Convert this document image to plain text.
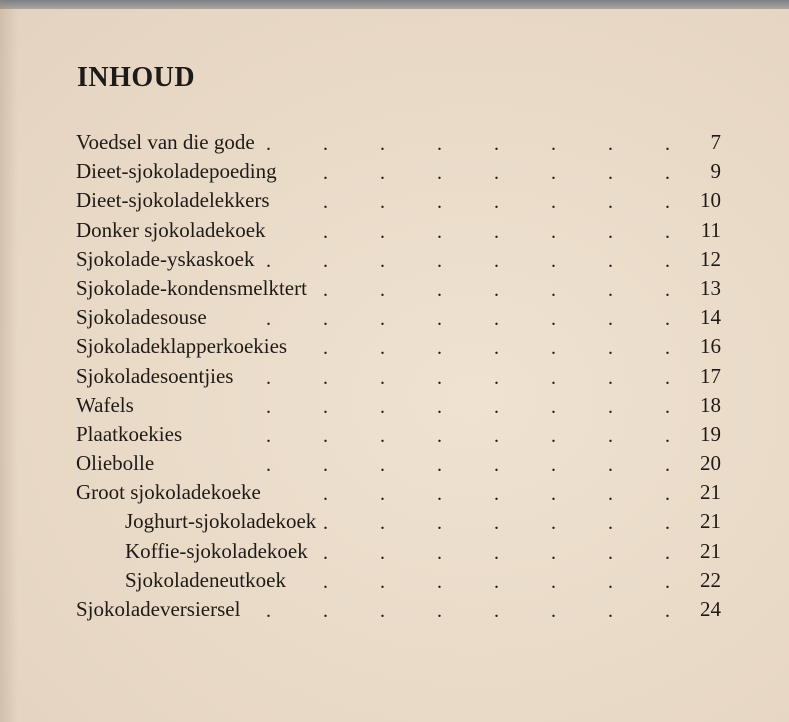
INHOUD
Voedsel van die gode .	.	.	.	.	.	.	. 7
Dieet-sjokoladepoeding .	.	.	.	.	.	. 9
Dieet-sjokoladelekkers	.	.	.	.	.	.	. 10
Donker sjokoladekoek	.	.	.	.	.	.	. 11
Sjokolade-yskaskoek .	.	.	.	.	.	.	. 12
Sjokolade-kondensmelktert .	.	.	.	.	.	. 13
Sjokoladesouse	.	.	.	.	.	.	.	. 14
Sjokoladeklapperkoekies .	.	.	.	.	.	. 16
Sjokoladesoentjies .	.	.	.	.	.	.	. 17
Wafels	.	.	.	.	.	.	.	. 18
Plaatkoekies	.	.	.	.	.	.	.	. 19
Oliebolle	.	.	.	.	.	.	.	. 20
Groot sjokoladekoeke	.	.	.	.	.	.	. 21
Joghurt-sjokoladekoek .	.	.	.	.	.	. 21
Koffie-sjokoladekoek .	.	.	.	.	.	. 21
Sjokoladeneutkoek .	.	.	.	.	.	. 22
Sjokoladeversiersel .	.	.	.	.	.	.	. 24
